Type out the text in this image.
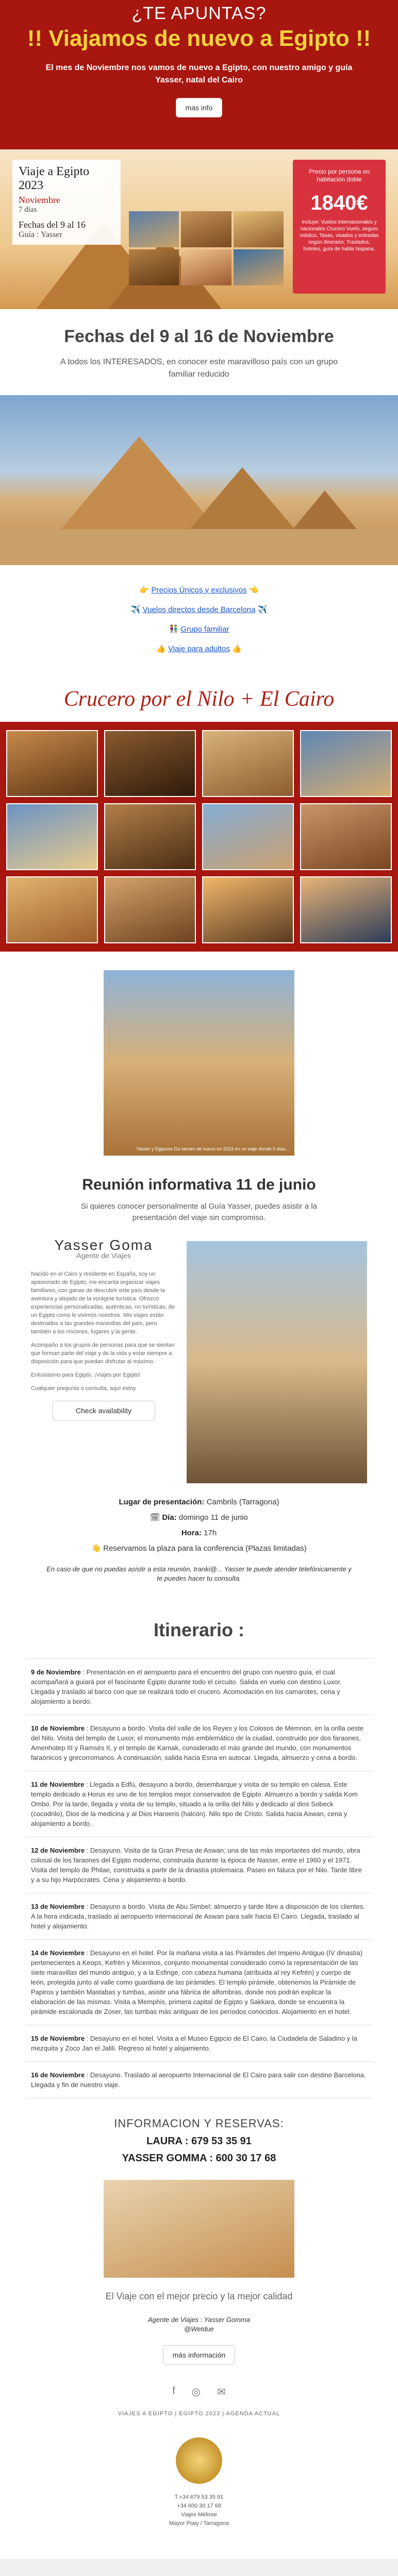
¿TE APUNTAS?
!! Viajamos de nuevo a Egipto !!

El mes de Noviembre nos vamos de nuevo a Egipto, con nuestro amigo y guía Yasser, natal del Cairo

mas info
Viaje a Egipto 2023
Noviembre
7 días
Fechas del 9 al 16
Guía : Yasser
Precio por persona en habitación doble
1840€
Incluye: Vuelos internacionales y nacionales Crucero Vuelo, seguro médico, Tasas, visados y entradas según itinerario; Traslados, hoteles, guía de habla hispana.
Fechas del 9 al 16 de Noviembre

A todos los INTERESADOS, en conocer este maravilloso país con un grupo familiar reducido

👉 Precios Únicos y exclusivos 👈
✈️ Vuelos directos desde Barcelona ✈️
👫 Grupo familiar
👍 Viaje para adultos 👍
Crucero por el Nilo + El Cairo
Yasser y Egipcios Go vienen de nuevo en 2023 en un viaje donde 5 días...
Reunión informativa 11 de junio

Si quieres conocer personalmente al Guía Yasser, puedes asistir a la presentación del viaje sin compromiso.

Yasser Goma
Agente de Viajes

Nacido en el Cairo y residente en España, soy un apasionado de Egipto; me encanta organizar viajes familiares, con ganas de descubrir este país desde la aventura y alejado de la vorágine turística. Ofrezco experiencias personalizadas, auténticas, no turísticas, de un Egipto como lo vivimos nosotros. Mis viajes están destinados a las grandes maravillas del país, pero también a los rincones, lugares y la gente.

Acompaño a los grupos de personas para que se sientan que forman parte del viaje y de la vida y estar siempre a disposición para que puedan disfrutar al máximo.

Entusiasmo para Egipto, ¡Viajes por Egipto!

Cualquier pregunta o consulta, aquí estoy

Check availability
Lugar de presentación: Cambrils (Tarragona)
🗓 Día: domingo 11 de junio
Hora: 17h
👋 Reservamos la plaza para la conferencia (Plazas limitadas)

En caso de que no puedas asistir a esta reunión, tranki@... Yasser te puede atender telefónicamente y te puedes hacer tu consulta.

Itinerario :
9 de Noviembre : Presentación en el aeropuerto para el encuentro del grupo con nuestro guía, el cual acompañará a guiará por el fascinante Egipto durante todo el circuito. Salida en vuelo con destino Luxor. Llegada y traslado al barco con que se realizará todo el crucero. Acomodación en los camarotes, cena y alojamiento a bordo.
10 de Noviembre : Desayuno a bordo. Visita del valle de los Reyes y los Colosos de Memnon, en la orilla oeste del Nilo. Visita del templo de Luxor, el monumento más emblemático de la ciudad, construido por dos faraones, Amenhotep III y Ramsés II, y el templo de Karnak, considerado el más grande del mundo, con monumentos faraónicos y grecorromanos. A continuación, salida hacia Esna en autocar. Llegada, almuerzo y cena a bordo.
11 de Noviembre : Llegada a Edfú, desayuno a bordo, desembarque y visita de su templo en calesa. Este templo dedicado a Horus es uno de los templos mejor conservados de Egipto. Almuerzo a bordo y salida Kom Ombo. Por la tarde, llegada y visita de su templo, situado a la orilla del Nilo y dedicado al dios Sobeck (cocodrilo), Dios de la medicina y al Dios Haroeris (halcón). Nilo tipo de Cristo. Salida hacia Aswan, cena y alojamiento a bordo.
12 de Noviembre : Desayuno. Visita de la Gran Presa de Aswan; una de las más importantes del mundo, obra colosal de los faraones del Egipto moderno, construida durante la época de Nasser, entre el 1960 y el 1971. Visita del templo de Philae, construida a partir de la dinastía ptolemaica. Paseo en faluca por el Nilo. Tarde libre y a su hijo Harpócrates. Cena y alojamiento a bordo.
13 de Noviembre : Desayuno a bordo. Visita de Abu Simbel; almuerzo y tarde libre a disposición de los clientes. A la hora indicada, traslado al aeropuerto internacional de Aswan para salir hacia El Cairo. Llegada, traslado al hotel y alojamiento.
14 de Noviembre : Desayuno en el hotel. Por la mañana visita a las Pirámides del Imperio Antiguo (IV dinastía) pertenecientes a Keops, Kefrén y Micerinos, conjunto monumental considerado como la representación de las siete maravillas del mundo antiguo, y a la Esfinge, con cabeza humana (atribuida al rey Kefrén) y cuerpo de león, protegida junto al valle como guardiana de las pirámides. El templo pirámide, obtenemos la Pirámide de Papiros y también Mastabas y tumbas, asistir una fábrica de alfombras, donde nos podrán explicar la elaboración de las mismas. Visita a Memphis, primera capital de Egipto y Sakkara, donde se encuentra la pirámide escalonada de Zoser, las tumbas más antiguas de los períodos conocidos. Alojamiento en el hotel.
15 de Noviembre : Desayuno en el hotel. Visita a el Museo Egipcio de El Cairo, la Ciudadela de Saladino y la mezquita y Zoco Jan el Jalili. Regreso al hotel y alojamiento.
16 de Noviembre : Desayuno. Traslado al aeropuerto Internacional de El Cairo para salir con destino Barcelona. Llegada y fin de nuestro viaje.
INFORMACION Y RESERVAS:
LAURA : 679 53 35 91
YASSER GOMMA : 600 30 17 68
El Viaje con el mejor precio y la mejor calidad
Agente de Viajes : Yasser Gomma
@Wetdue
más información
f ◎ ✉
VIAJES A EGIPTO | EGIPTO 2023 | AGENDA ACTUAL
T.+34 679 53 35 91
+34 600 30 17 68
Viajes Mélisse
Mayor Piaiy / Tarragona
